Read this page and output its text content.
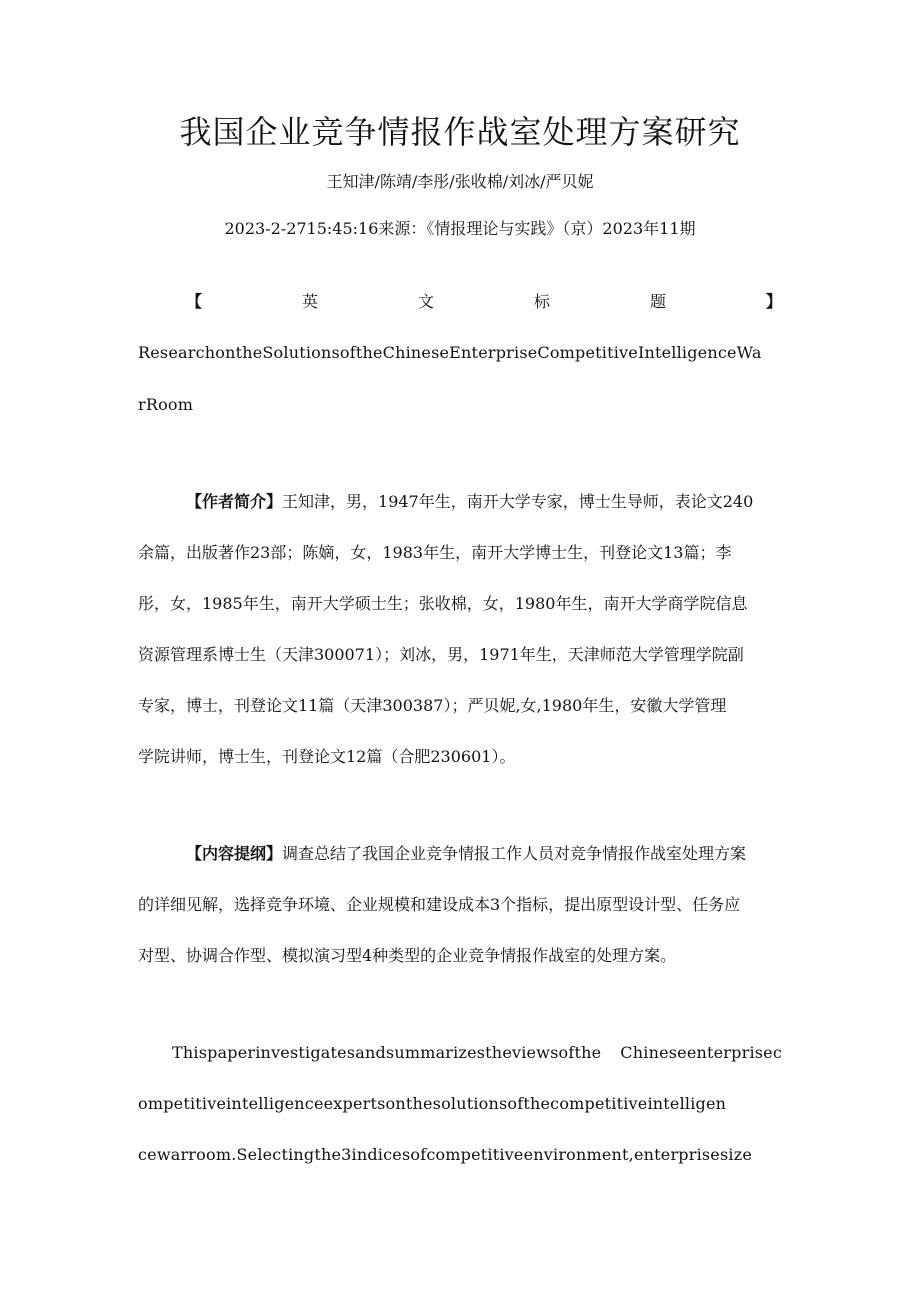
我国企业竞争情报作战室处理方案研究
王知津/陈靖/李彤/张收棉/刘冰/严贝妮
2023-2-2715:45:16来源：《情报理论与实践》（京）2023年11期
【	英	文	标	题	】
ResearchontheSolutionsoftheChineseEnterpriseCompetitiveIntelligenceWa
rRoom
【作者简介】王知津，男，1947年生，南开大学专家，博士生导师，表论文240
余篇，出版著作23部；陈嫡，女，1983年生，南开大学博士生，刊登论文13篇；李
彤，女，1985年生，南开大学硕士生；张收棉，女，1980年生，南开大学商学院信息
资源管理系博士生（天津300071）；刘冰，男，1971年生，天津师范大学管理学院副
专家，博士，刊登论文11篇（天津300387）；严贝妮,女,1980年生，安徽大学管理
学院讲师，博士生，刊登论文12篇（合肥230601）。
【内容提纲】调查总结了我国企业竞争情报工作人员对竞争情报作战室处理方案
的详细见解，选择竞争环境、企业规模和建设成本3个指标，提出原型设计型、任务应
对型、协调合作型、模拟演习型4种类型的企业竞争情报作战室的处理方案。
Thispaperinvestigatesandsummarizestheviewsofthe Chineseenterprisec
ompetitiveintelligenceexpertsonthesolutionsofthecompetitiveintelligen
cewarroom.Selectingthe3indicesofcompetitiveenvironment,enterprisesize
